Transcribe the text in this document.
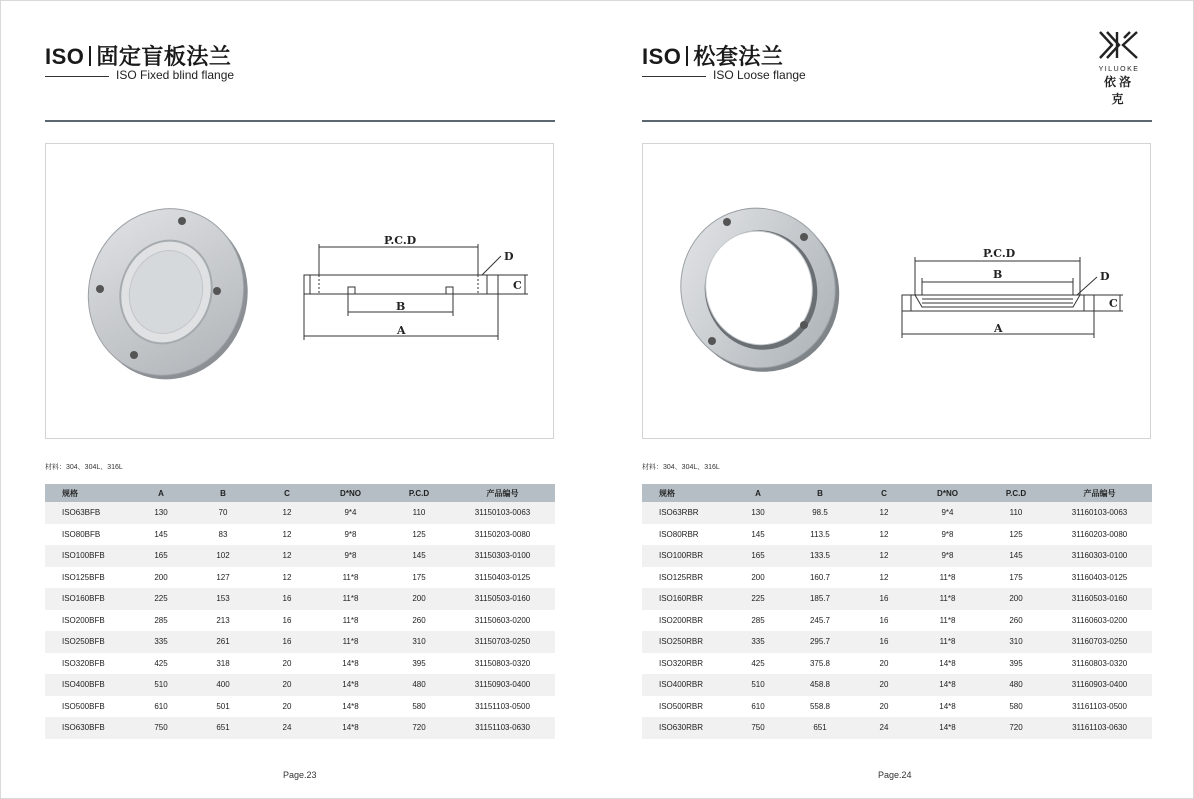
ISO 固定盲板法兰
ISO Fixed blind flange
P.C.D
D
C
B
A
材料：304、304L、316L
规格	A	B	C	D*NO	P.C.D	产品编号
ISO63BFB	130	70	12	9*4	110	31150103-0063
ISO80BFB	145	83	12	9*8	125	31150203-0080
ISO100BFB	165	102	12	9*8	145	31150303-0100
ISO125BFB	200	127	12	11*8	175	31150403-0125
ISO160BFB	225	153	16	11*8	200	31150503-0160
ISO200BFB	285	213	16	11*8	260	31150603-0200
ISO250BFB	335	261	16	11*8	310	31150703-0250
ISO320BFB	425	318	20	14*8	395	31150803-0320
ISO400BFB	510	400	20	14*8	480	31150903-0400
ISO500BFB	610	501	20	14*8	580	31151103-0500
ISO630BFB	750	651	24	14*8	720	31151103-0630
Page.23
ISO 松套法兰
ISO Loose flange	YILUOKE
依洛克
P.C.D
D
C
B
A
材料：304、304L、316L
规格	A	B	C	D*NO	P.C.D	产品编号
ISO63RBR	130	98.5	12	9*4	110	31160103-0063
ISO80RBR	145	113.5	12	9*8	125	31160203-0080
ISO100RBR	165	133.5	12	9*8	145	31160303-0100
ISO125RBR	200	160.7	12	11*8	175	31160403-0125
ISO160RBR	225	185.7	16	11*8	200	31160503-0160
ISO200RBR	285	245.7	16	11*8	260	31160603-0200
ISO250RBR	335	295.7	16	11*8	310	31160703-0250
ISO320RBR	425	375.8	20	14*8	395	31160803-0320
ISO400RBR	510	458.8	20	14*8	480	31160903-0400
ISO500RBR	610	558.8	20	14*8	580	31161103-0500
ISO630RBR	750	651	24	14*8	720	31161103-0630
Page.24
